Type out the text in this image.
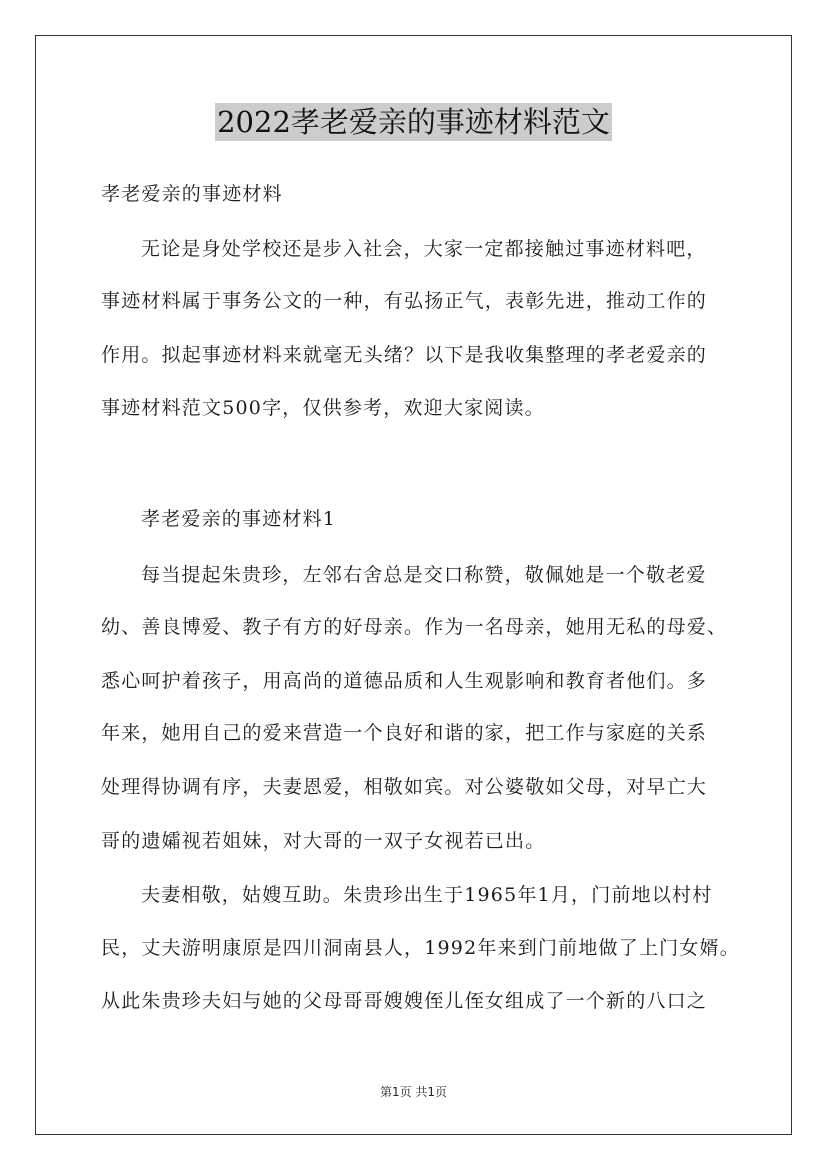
2022孝老爱亲的事迹材料范文
孝老爱亲的事迹材料
无论是身处学校还是步入社会，大家一定都接触过事迹材料吧，
事迹材料属于事务公文的一种，有弘扬正气，表彰先进，推动工作的
作用。拟起事迹材料来就毫无头绪？以下是我收集整理的孝老爱亲的
事迹材料范文500字，仅供参考，欢迎大家阅读。
孝老爱亲的事迹材料1
每当提起朱贵珍，左邻右舍总是交口称赞，敬佩她是一个敬老爱
幼、善良博爱、教子有方的好母亲。作为一名母亲，她用无私的母爱、
悉心呵护着孩子，用高尚的道德品质和人生观影响和教育者他们。多
年来，她用自己的爱来营造一个良好和谐的家，把工作与家庭的关系
处理得协调有序，夫妻恩爱，相敬如宾。对公婆敬如父母，对早亡大
哥的遗孀视若姐妹，对大哥的一双子女视若已出。
夫妻相敬，姑嫂互助。朱贵珍出生于1965年1月，门前地以村村
民，丈夫游明康原是四川洞南县人，1992年来到门前地做了上门女婿。
从此朱贵珍夫妇与她的父母哥哥嫂嫂侄儿侄女组成了一个新的八口之
第1页 共1页
